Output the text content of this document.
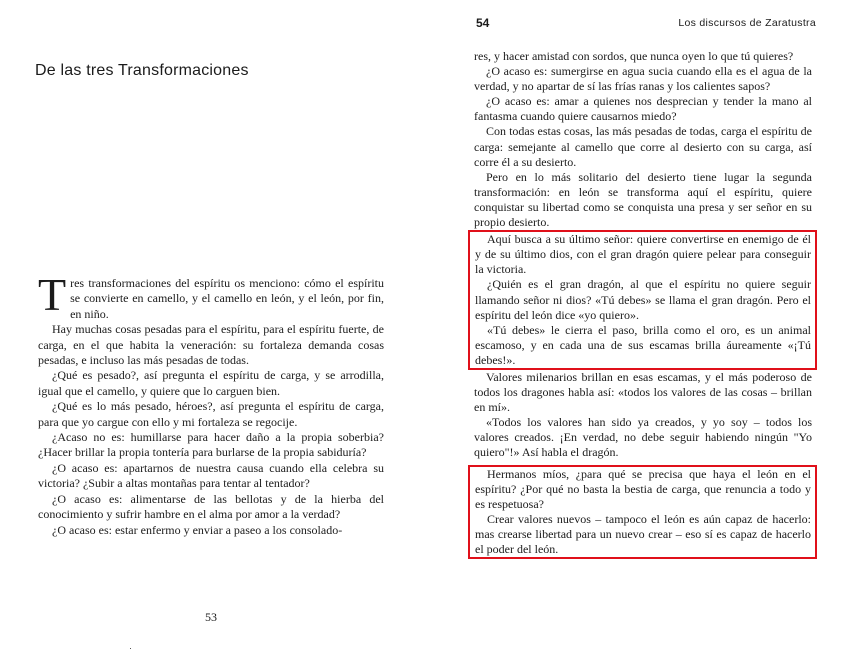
De las tres Transformaciones

Tres transformaciones del espíritu os menciono: cómo el espíritu se convierte en camello, y el camello en león, y el león, por fin, en niño.

Hay muchas cosas pesadas para el espíritu, para el espíritu fuerte, de carga, en el que habita la veneración: su fortaleza demanda cosas pesadas, e incluso las más pesadas de todas.

¿Qué es pesado?, así pregunta el espíritu de carga, y se arrodilla, igual que el camello, y quiere que lo carguen bien.

¿Qué es lo más pesado, héroes?, así pregunta el espíritu de carga, para que yo cargue con ello y mi fortaleza se regocije.

¿Acaso no es: humillarse para hacer daño a la propia soberbia? ¿Hacer brillar la propia tontería para burlarse de la propia sabiduría?

¿O acaso es: apartarnos de nuestra causa cuando ella celebra su victoria? ¿Subir a altas montañas para tentar al tentador?

¿O acaso es: alimentarse de las bellotas y de la hierba del conocimiento y sufrir hambre en el alma por amor a la verdad?

¿O acaso es: estar enfermo y enviar a paseo a los consolado-

53
54	Los discursos de Zaratustra

res, y hacer amistad con sordos, que nunca oyen lo que tú quieres?

¿O acaso es: sumergirse en agua sucia cuando ella es el agua de la verdad, y no apartar de sí las frías ranas y los calientes sapos?

¿O acaso es: amar a quienes nos desprecian y tender la mano al fantasma cuando quiere causarnos miedo?

Con todas estas cosas, las más pesadas de todas, carga el espíritu de carga: semejante al camello que corre al desierto con su carga, así corre él a su desierto.

Pero en lo más solitario del desierto tiene lugar la segunda transformación: en león se transforma aquí el espíritu, quiere conquistar su libertad como se conquista una presa y ser señor en su propio desierto.

Aquí busca a su último señor: quiere convertirse en enemigo de él y de su último dios, con el gran dragón quiere pelear para conseguir la victoria.

¿Quién es el gran dragón, al que el espíritu no quiere seguir llamando señor ni dios? «Tú debes» se llama el gran dragón. Pero el espíritu del león dice «yo quiero».

«Tú debes» le cierra el paso, brilla como el oro, es un animal escamoso, y en cada una de sus escamas brilla áureamente «¡Tú debes!».

Valores milenarios brillan en esas escamas, y el más poderoso de todos los dragones habla así: «todos los valores de las cosas – brillan en mí».

«Todos los valores han sido ya creados, y yo soy – todos los valores creados. ¡En verdad, no debe seguir habiendo ningún "Yo quiero"!» Así habla el dragón.

Hermanos míos, ¿para qué se precisa que haya el león en el espíritu? ¿Por qué no basta la bestia de carga, que renuncia a todo y es respetuosa?

Crear valores nuevos – tampoco el león es aún capaz de hacerlo: mas crearse libertad para un nuevo crear – eso sí es capaz de hacerlo el poder del león.
